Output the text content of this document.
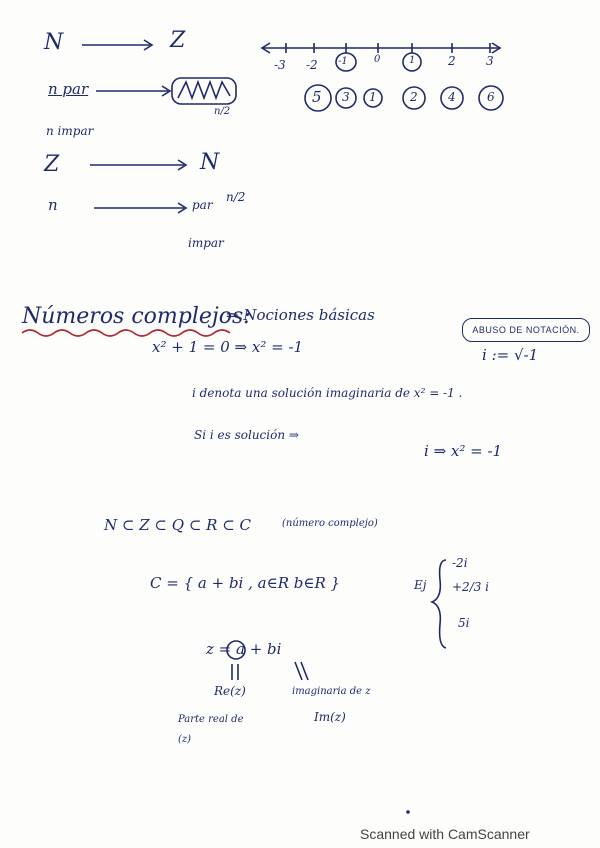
N	Z
n par
n impar
n/2
-3 -2 -1	0	1	2	3
5 3 1	2	4	6
Z	N
n	par
n/2
impar
Números complejos:
⇒ Nociones básicas
ABUSO DE NOTACIÓN.
i := √-1
x² + 1 = 0 ⇒ x² = -1
i denota una solución imaginaria de x² = -1 .
Si i es solución ⇒
i ⇒ x² = -1
N ⊂ Z ⊂ Q ⊂ R ⊂ C	(número complejo)
C = { a + bi , a∈R b∈R }	Ej
-2i
+2/3 i
5i
z = a + bi
Re(z)
Parte real de (z)
imaginaria de z
Im(z)
Scanned with CamScanner
